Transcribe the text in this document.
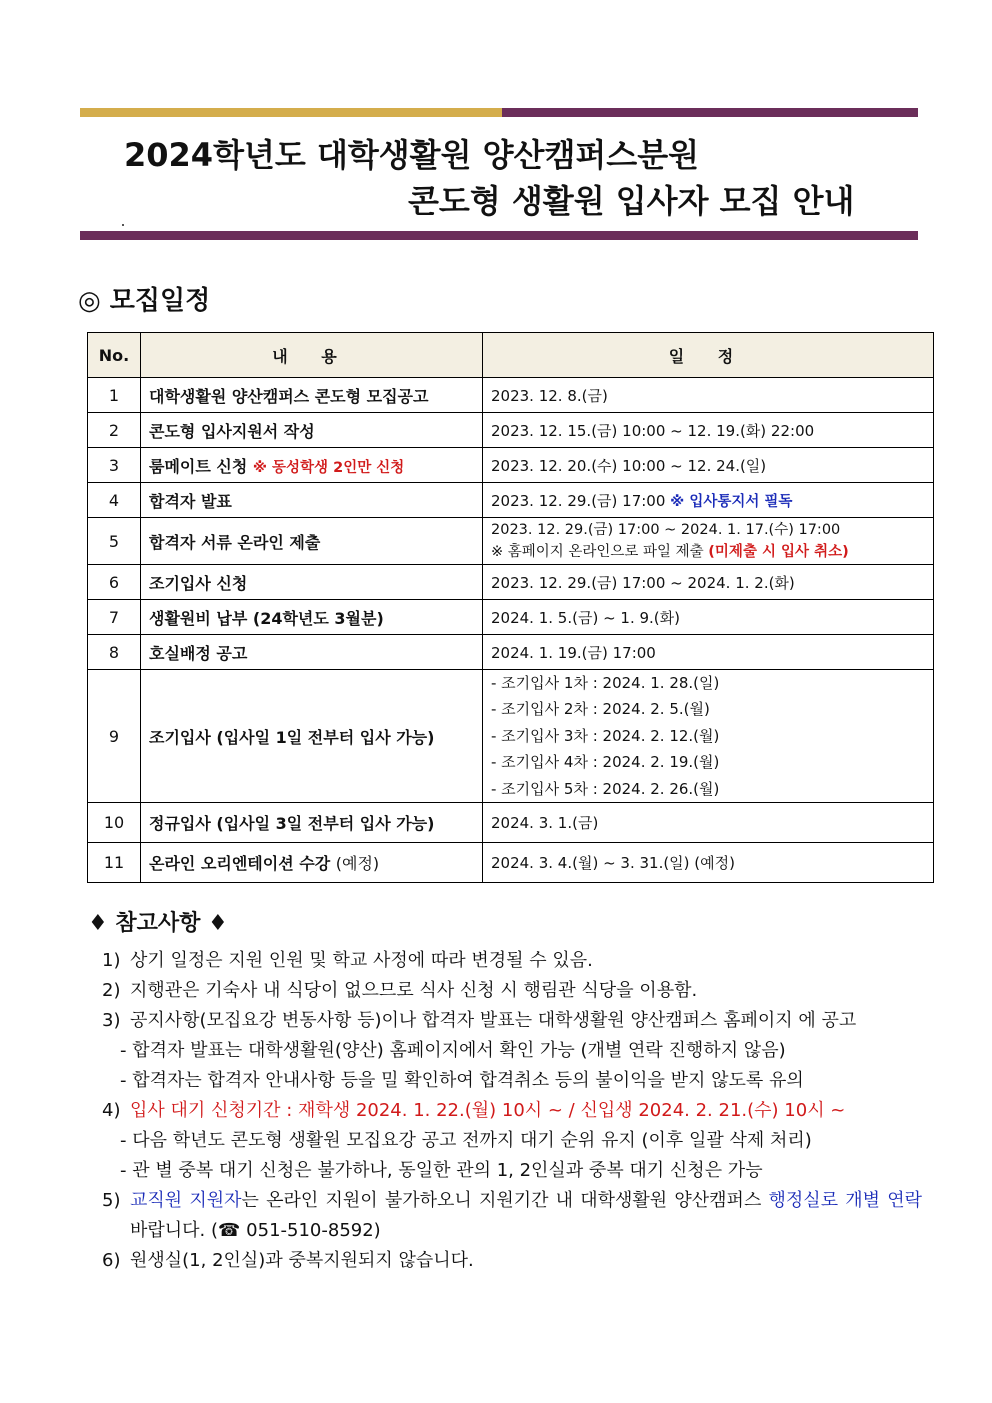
2024학년도 대학생활원 양산캠퍼스분원
콘도형 생활원 입사자 모집 안내
◎ 모집일정
No.	내 용	일 정
1	대학생활원 양산캠퍼스 콘도형 모집공고	2023. 12. 8.(금)
2	콘도형 입사지원서 작성	2023. 12. 15.(금) 10:00 ~ 12. 19.(화) 22:00
3	룸메이트 신청 ※ 동성학생 2인만 신청	2023. 12. 20.(수) 10:00 ~ 12. 24.(일)
4	합격자 발표	2023. 12. 29.(금) 17:00 ※ 입사통지서 필독
5	합격자 서류 온라인 제출	2023. 12. 29.(금) 17:00 ~ 2024. 1. 17.(수) 17:00
※ 홈페이지 온라인으로 파일 제출 (미제출 시 입사 취소)

6	조기입사 신청	2023. 12. 29.(금) 17:00 ~ 2024. 1. 2.(화)
7	생활원비 납부 (24학년도 3월분)	2024. 1. 5.(금) ~ 1. 9.(화)
8	호실배정 공고	2024. 1. 19.(금) 17:00
9	조기입사 (입사일 1일 전부터 입사 가능)	- 조기입사 1차 : 2024. 1. 28.(일)
- 조기입사 2차 : 2024. 2. 5.(월)
- 조기입사 3차 : 2024. 2. 12.(월)
- 조기입사 4차 : 2024. 2. 19.(월)
- 조기입사 5차 : 2024. 2. 26.(월)

10	정규입사 (입사일 3일 전부터 입사 가능)	2024. 3. 1.(금)
11	온라인 오리엔테이션 수강 (예정)	2024. 3. 4.(월) ~ 3. 31.(일) (예정)
♦ 참고사항 ♦
1) 상기 일정은 지원 인원 및 학교 사정에 따라 변경될 수 있음.
2) 지행관은 기숙사 내 식당이 없으므로 식사 신청 시 행림관 식당을 이용함.
3) 공지사항(모집요강 변동사항 등)이나 합격자 발표는 대학생활원 양산캠퍼스 홈페이지 에 공고
- 합격자 발표는 대학생활원(양산) 홈페이지에서 확인 가능 (개별 연락 진행하지 않음)
- 합격자는 합격자 안내사항 등을 밀 확인하여 합격취소 등의 불이익을 받지 않도록 유의
4) 입사 대기 신청기간 : 재학생 2024. 1. 22.(월) 10시 ~ / 신입생 2024. 2. 21.(수) 10시 ~
- 다음 학년도 콘도형 생활원 모집요강 공고 전까지 대기 순위 유지 (이후 일괄 삭제 처리)
- 관 별 중복 대기 신청은 불가하나, 동일한 관의 1, 2인실과 중복 대기 신청은 가능
5) 교직원 지원자는 온라인 지원이 불가하오니 지원기간 내 대학생활원 양산캠퍼스 행정실로 개별 연락바랍니다. (☎ 051-510-8592)
6) 원생실(1, 2인실)과 중복지원되지 않습니다.
